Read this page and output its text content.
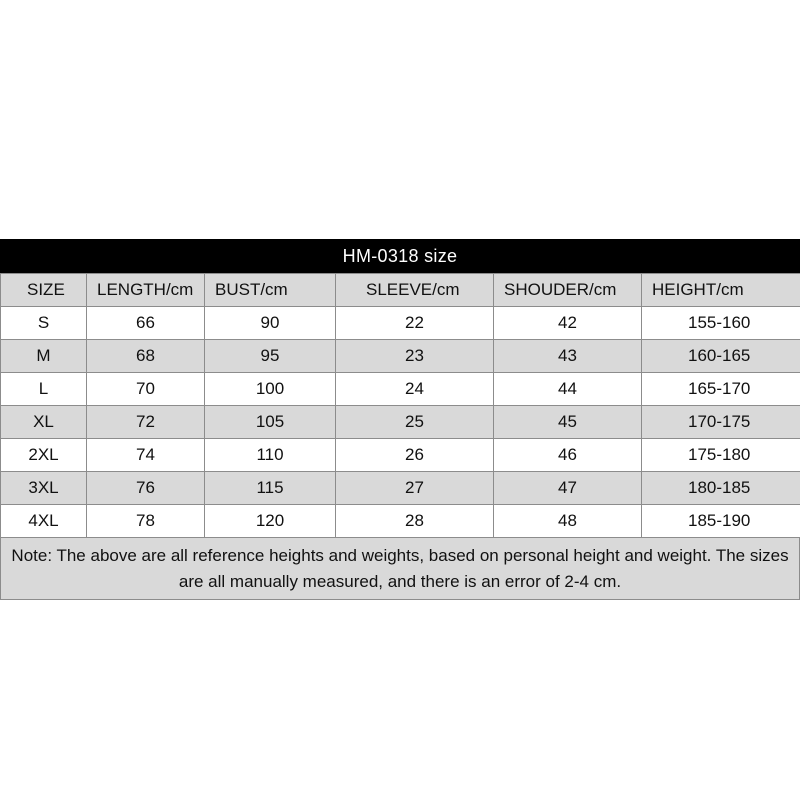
HM-0318 size
SIZE	LENGTH/cm	BUST/cm	SLEEVE/cm	SHOUDER/cm	HEIGHT/cm
S	66	90	22	42	155-160
M	68	95	23	43	160-165
L	70	100	24	44	165-170
XL	72	105	25	45	170-175
2XL	74	110	26	46	175-180
3XL	76	115	27	47	180-185
4XL	78	120	28	48	185-190
Note: The above are all reference heights and weights, based on personal height and weight. The sizes are all manually measured, and there is an error of 2-4 cm.
